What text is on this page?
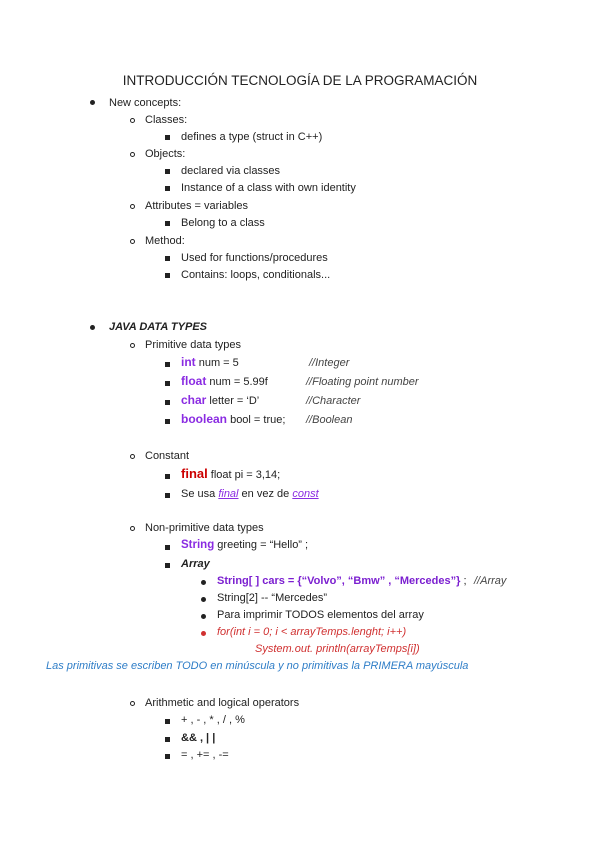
INTRODUCCIÓN TECNOLOGÍA DE LA PROGRAMACIÓN
New concepts:
Classes:
defines a type (struct in C++)
Objects:
declared via classes
Instance of a class with own identity
Attributes = variables
Belong to a class
Method:
Used for functions/procedures
Contains: loops, conditionals...
JAVA DATA TYPES
Primitive data types
int num = 5	//Integer
float num = 5.99f	//Floating point number
char letter = ‘D’	//Character
boolean bool = true; //Boolean
Constant
final float pi = 3,14;
Se usa final en vez de const
Non-primitive data types
String greeting = “Hello” ;
Array
String[ ] cars = {“Volvo”, “Bmw” , “Mercedes”} ; //Array
String[2] -- “Mercedes”
Para imprimir TODOS elementos del array
for(int i = 0; i < arrayTemps.lenght; i++)
System.out. println(arrayTemps[i])
Las primitivas se escriben TODO en minúscula y no primitivas la PRIMERA mayúscula
Arithmetic and logical operators
+ , - , * , / , %
&& , | |
= , += , -=
